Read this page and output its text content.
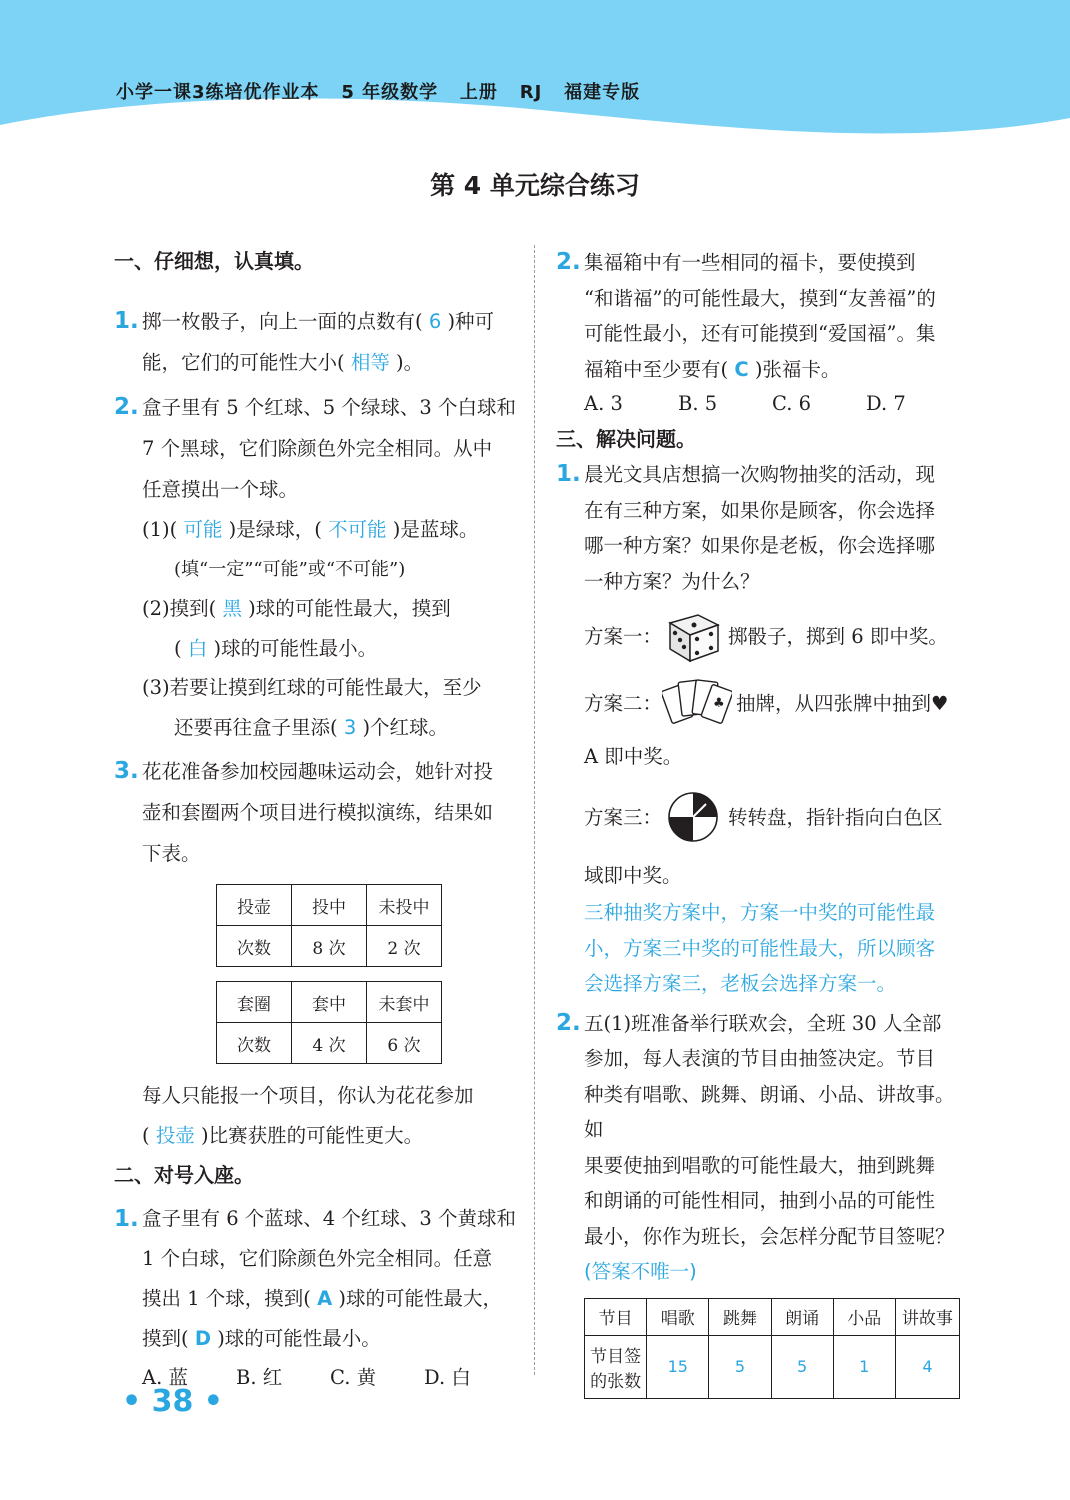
小学一课3练培优作业本   5 年级数学   上册   RJ   福建专版
第 4 单元综合练习

一、仔细想，认真填。

1. 掷一枚骰子，向上一面的点数有( 6 )种可
能，它们的可能性大小( 相等 )。
2. 盒子里有 5 个红球、5 个绿球、3 个白球和
7 个黑球，它们除颜色外完全相同。从中
任意摸出一个球。
(1)( 可能 )是绿球，( 不可能 )是蓝球。
(填“一定”“可能”或“不可能”)
(2)摸到( 黑 )球的可能性最大，摸到
( 白 )球的可能性最小。
(3)若要让摸到红球的可能性最大，至少
还要再往盒子里添( 3 )个红球。
3. 花花准备参加校园趣味运动会，她针对投
壶和套圈两个项目进行模拟演练，结果如
下表。
投壶	投中	未投中
次数	8 次	2 次
套圈	套中	未套中
次数	4 次	6 次
每人只能报一个项目，你认为花花参加
( 投壶 )比赛获胜的可能性更大。

二、对号入座。

1. 盒子里有 6 个蓝球、4 个红球、3 个黄球和
1 个白球，它们除颜色外完全相同。任意
摸出 1 个球，摸到( A )球的可能性最大，
摸到( D )球的可能性最小。
A. 蓝	B. 红	C. 黄	D. 白
2. 集福箱中有一些相同的福卡，要使摸到
“和谐福”的可能性最大，摸到“友善福”的
可能性最小，还有可能摸到“爱国福”。集
福箱中至少要有( C )张福卡。
A. 3	B. 5	C. 6	D. 7

三、解决问题。

1. 晨光文具店想搞一次购物抽奖的活动，现
在有三种方案，如果你是顾客，你会选择
哪一种方案？如果你是老板，你会选择哪
一种方案？为什么？
方案一：	掷骰子，掷到 6 即中奖。
方案二：	♣ 抽牌，从四张牌中抽到♥
A 即中奖。
方案三：	转转盘，指针指向白色区
域即中奖。
三种抽奖方案中，方案一中奖的可能性最
小，方案三中奖的可能性最大，所以顾客
会选择方案三，老板会选择方案一。
2. 五(1)班准备举行联欢会，全班 30 人全部
参加，每人表演的节目由抽签决定。节目
种类有唱歌、跳舞、朗诵、小品、讲故事。如
果要使抽到唱歌的可能性最大，抽到跳舞
和朗诵的可能性相同，抽到小品的可能性
最小，你作为班长，会怎样分配节目签呢？
(答案不唯一)
节目	唱歌	跳舞	朗诵	小品	讲故事
节目签
的张数	15	5	5	1	4
• 38 •
